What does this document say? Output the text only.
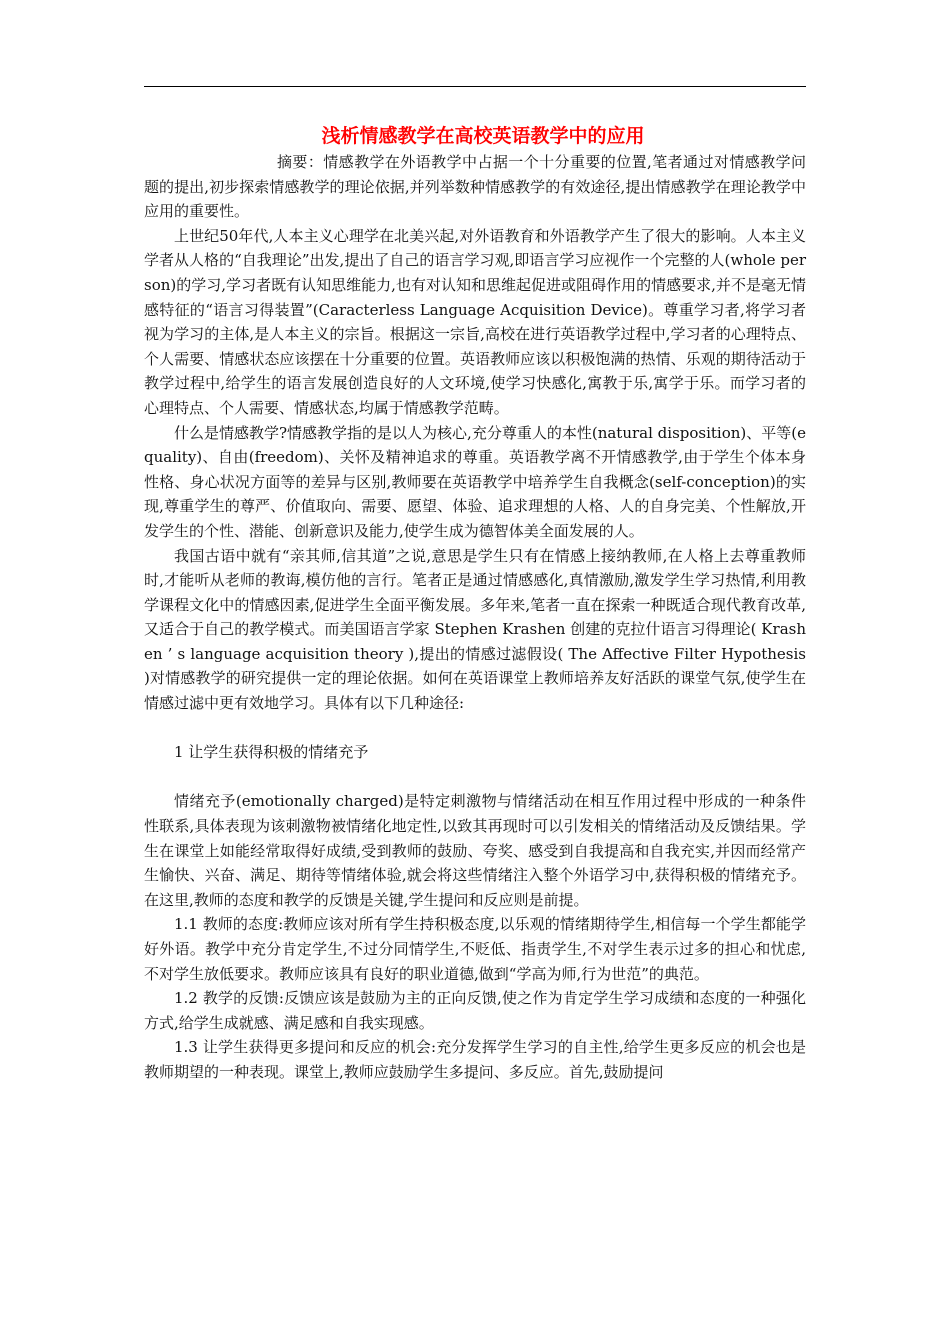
浅析情感教学在高校英语教学中的应用

摘要：情感教学在外语教学中占据一个十分重要的位置,笔者通过对情感教学问题的提出,初步探索情感教学的理论依据,并列举数种情感教学的有效途径,提出情感教学在理论教学中应用的重要性。

上世纪50年代,人本主义心理学在北美兴起,对外语教育和外语教学产生了很大的影响。人本主义学者从人格的“自我理论”出发,提出了自己的语言学习观,即语言学习应视作一个完整的人(whole person)的学习,学习者既有认知思维能力,也有对认知和思维起促进或阻碍作用的情感要求,并不是毫无情感特征的“语言习得装置”(Caracterless Language Acquisition Device)。尊重学习者,将学习者视为学习的主体,是人本主义的宗旨。根据这一宗旨,高校在进行英语教学过程中,学习者的心理特点、个人需要、情感状态应该摆在十分重要的位置。英语教师应该以积极饱满的热情、乐观的期待活动于教学过程中,给学生的语言发展创造良好的人文环境,使学习快感化,寓教于乐,寓学于乐。而学习者的心理特点、个人需要、情感状态,均属于情感教学范畴。

什么是情感教学?情感教学指的是以人为核心,充分尊重人的本性(natural disposition)、平等(equality)、自由(freedom)、关怀及精神追求的尊重。英语教学离不开情感教学,由于学生个体本身性格、身心状况方面等的差异与区别,教师要在英语教学中培养学生自我概念(self-conception)的实现,尊重学生的尊严、价值取向、需要、愿望、体验、追求理想的人格、人的自身完美、个性解放,开发学生的个性、潜能、创新意识及能力,使学生成为德智体美全面发展的人。

我国古语中就有“亲其师,信其道”之说,意思是学生只有在情感上接纳教师,在人格上去尊重教师时,才能听从老师的教诲,模仿他的言行。笔者正是通过情感感化,真情激励,激发学生学习热情,利用教学课程文化中的情感因素,促进学生全面平衡发展。多年来,笔者一直在探索一种既适合现代教育改革,又适合于自己的教学模式。而美国语言学家 Stephen Krashen 创建的克拉什语言习得理论( Krashen ’ s language acquisition theory ),提出的情感过滤假设( The Affective Filter Hypothesis )对情感教学的研究提供一定的理论依据。如何在英语课堂上教师培养友好活跃的课堂气氛,使学生在情感过滤中更有效地学习。具体有以下几种途径:

1 让学生获得积极的情绪充予

情绪充予(emotionally charged)是特定刺激物与情绪活动在相互作用过程中形成的一种条件性联系,具体表现为该刺激物被情绪化地定性,以致其再现时可以引发相关的情绪活动及反馈结果。学生在课堂上如能经常取得好成绩,受到教师的鼓励、夸奖、感受到自我提高和自我充实,并因而经常产生愉快、兴奋、满足、期待等情绪体验,就会将这些情绪注入整个外语学习中,获得积极的情绪充予。在这里,教师的态度和教学的反馈是关键,学生提问和反应则是前提。

1.1 教师的态度:教师应该对所有学生持积极态度,以乐观的情绪期待学生,相信每一个学生都能学好外语。教学中充分肯定学生,不过分同情学生,不贬低、指责学生,不对学生表示过多的担心和忧虑,不对学生放低要求。教师应该具有良好的职业道德,做到“学高为师,行为世范”的典范。

1.2 教学的反馈:反馈应该是鼓励为主的正向反馈,使之作为肯定学生学习成绩和态度的一种强化方式,给学生成就感、满足感和自我实现感。

1.3 让学生获得更多提问和反应的机会:充分发挥学生学习的自主性,给学生更多反应的机会也是教师期望的一种表现。课堂上,教师应鼓励学生多提问、多反应。首先,鼓励提问
